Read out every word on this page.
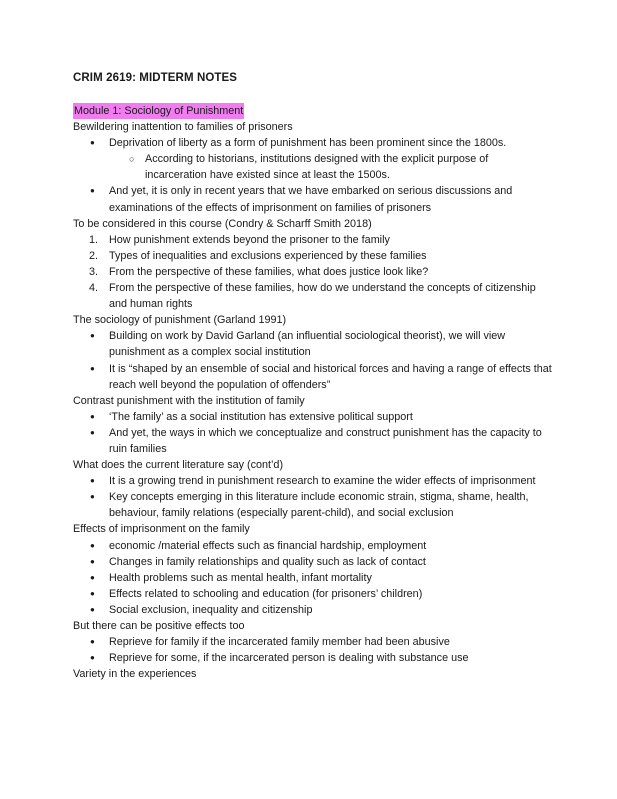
CRIM 2619: MIDTERM NOTES
Module 1: Sociology of Punishment
Bewildering inattention to families of prisoners
● Deprivation of liberty as a form of punishment has been prominent since the 1800s.
○ According to historians, institutions designed with the explicit purpose of incarceration have existed since at least the 1500s.
● And yet, it is only in recent years that we have embarked on serious discussions and examinations of the effects of imprisonment on families of prisoners
To be considered in this course (Condry & Scharff Smith 2018)
1. How punishment extends beyond the prisoner to the family
2. Types of inequalities and exclusions experienced by these families
3. From the perspective of these families, what does justice look like?
4. From the perspective of these families, how do we understand the concepts of citizenship and human rights
The sociology of punishment (Garland 1991)
● Building on work by David Garland (an influential sociological theorist), we will view punishment as a complex social institution
● It is “shaped by an ensemble of social and historical forces and having a range of effects that reach well beyond the population of offenders”
Contrast punishment with the institution of family
● ‘The family’ as a social institution has extensive political support
● And yet, the ways in which we conceptualize and construct punishment has the capacity to ruin families
What does the current literature say (cont’d)
● It is a growing trend in punishment research to examine the wider effects of imprisonment
● Key concepts emerging in this literature include economic strain, stigma, shame, health, behaviour, family relations (especially parent-child), and social exclusion
Effects of imprisonment on the family
● economic /material effects such as financial hardship, employment
● Changes in family relationships and quality such as lack of contact
● Health problems such as mental health, infant mortality
● Effects related to schooling and education (for prisoners’ children)
● Social exclusion, inequality and citizenship
But there can be positive effects too
● Reprieve for family if the incarcerated family member had been abusive
● Reprieve for some, if the incarcerated person is dealing with substance use
Variety in the experiences
